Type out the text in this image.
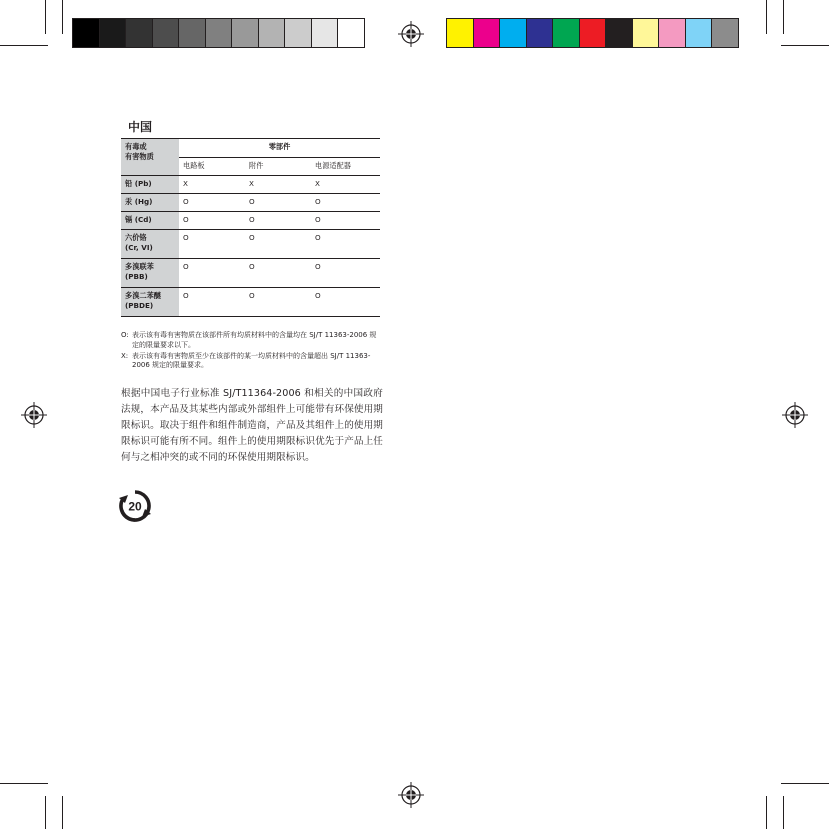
中国
有毒或
有害物质	零部件		
	电路板	附件	电源适配器
铅 (Pb)	X	X	X
汞 (Hg)	O	O	O
镉 (Cd)	O	O	O
六价铬
(Cr, VI)	O	O	O
多溴联苯
(PBB)	O	O	O
多溴二苯醚
(PBDE)	O	O	O
O: 表示该有毒有害物质在该部件所有均质材料中的含量均在 SJ/T 11363-2006 规定的限量要求以下。
X: 表示该有毒有害物质至少在该部件的某一均质材料中的含量超出 SJ/T 11363-2006 规定的限量要求。
根据中国电子行业标准 SJ/T11364-2006 和相关的中国政府法规，本产品及其某些内部或外部组件上可能带有环保使用期限标识。取决于组件和组件制造商，产品及其组件上的使用期限标识可能有所不同。组件上的使用期限标识优先于产品上任何与之相冲突的或不同的环保使用期限标识。
20
